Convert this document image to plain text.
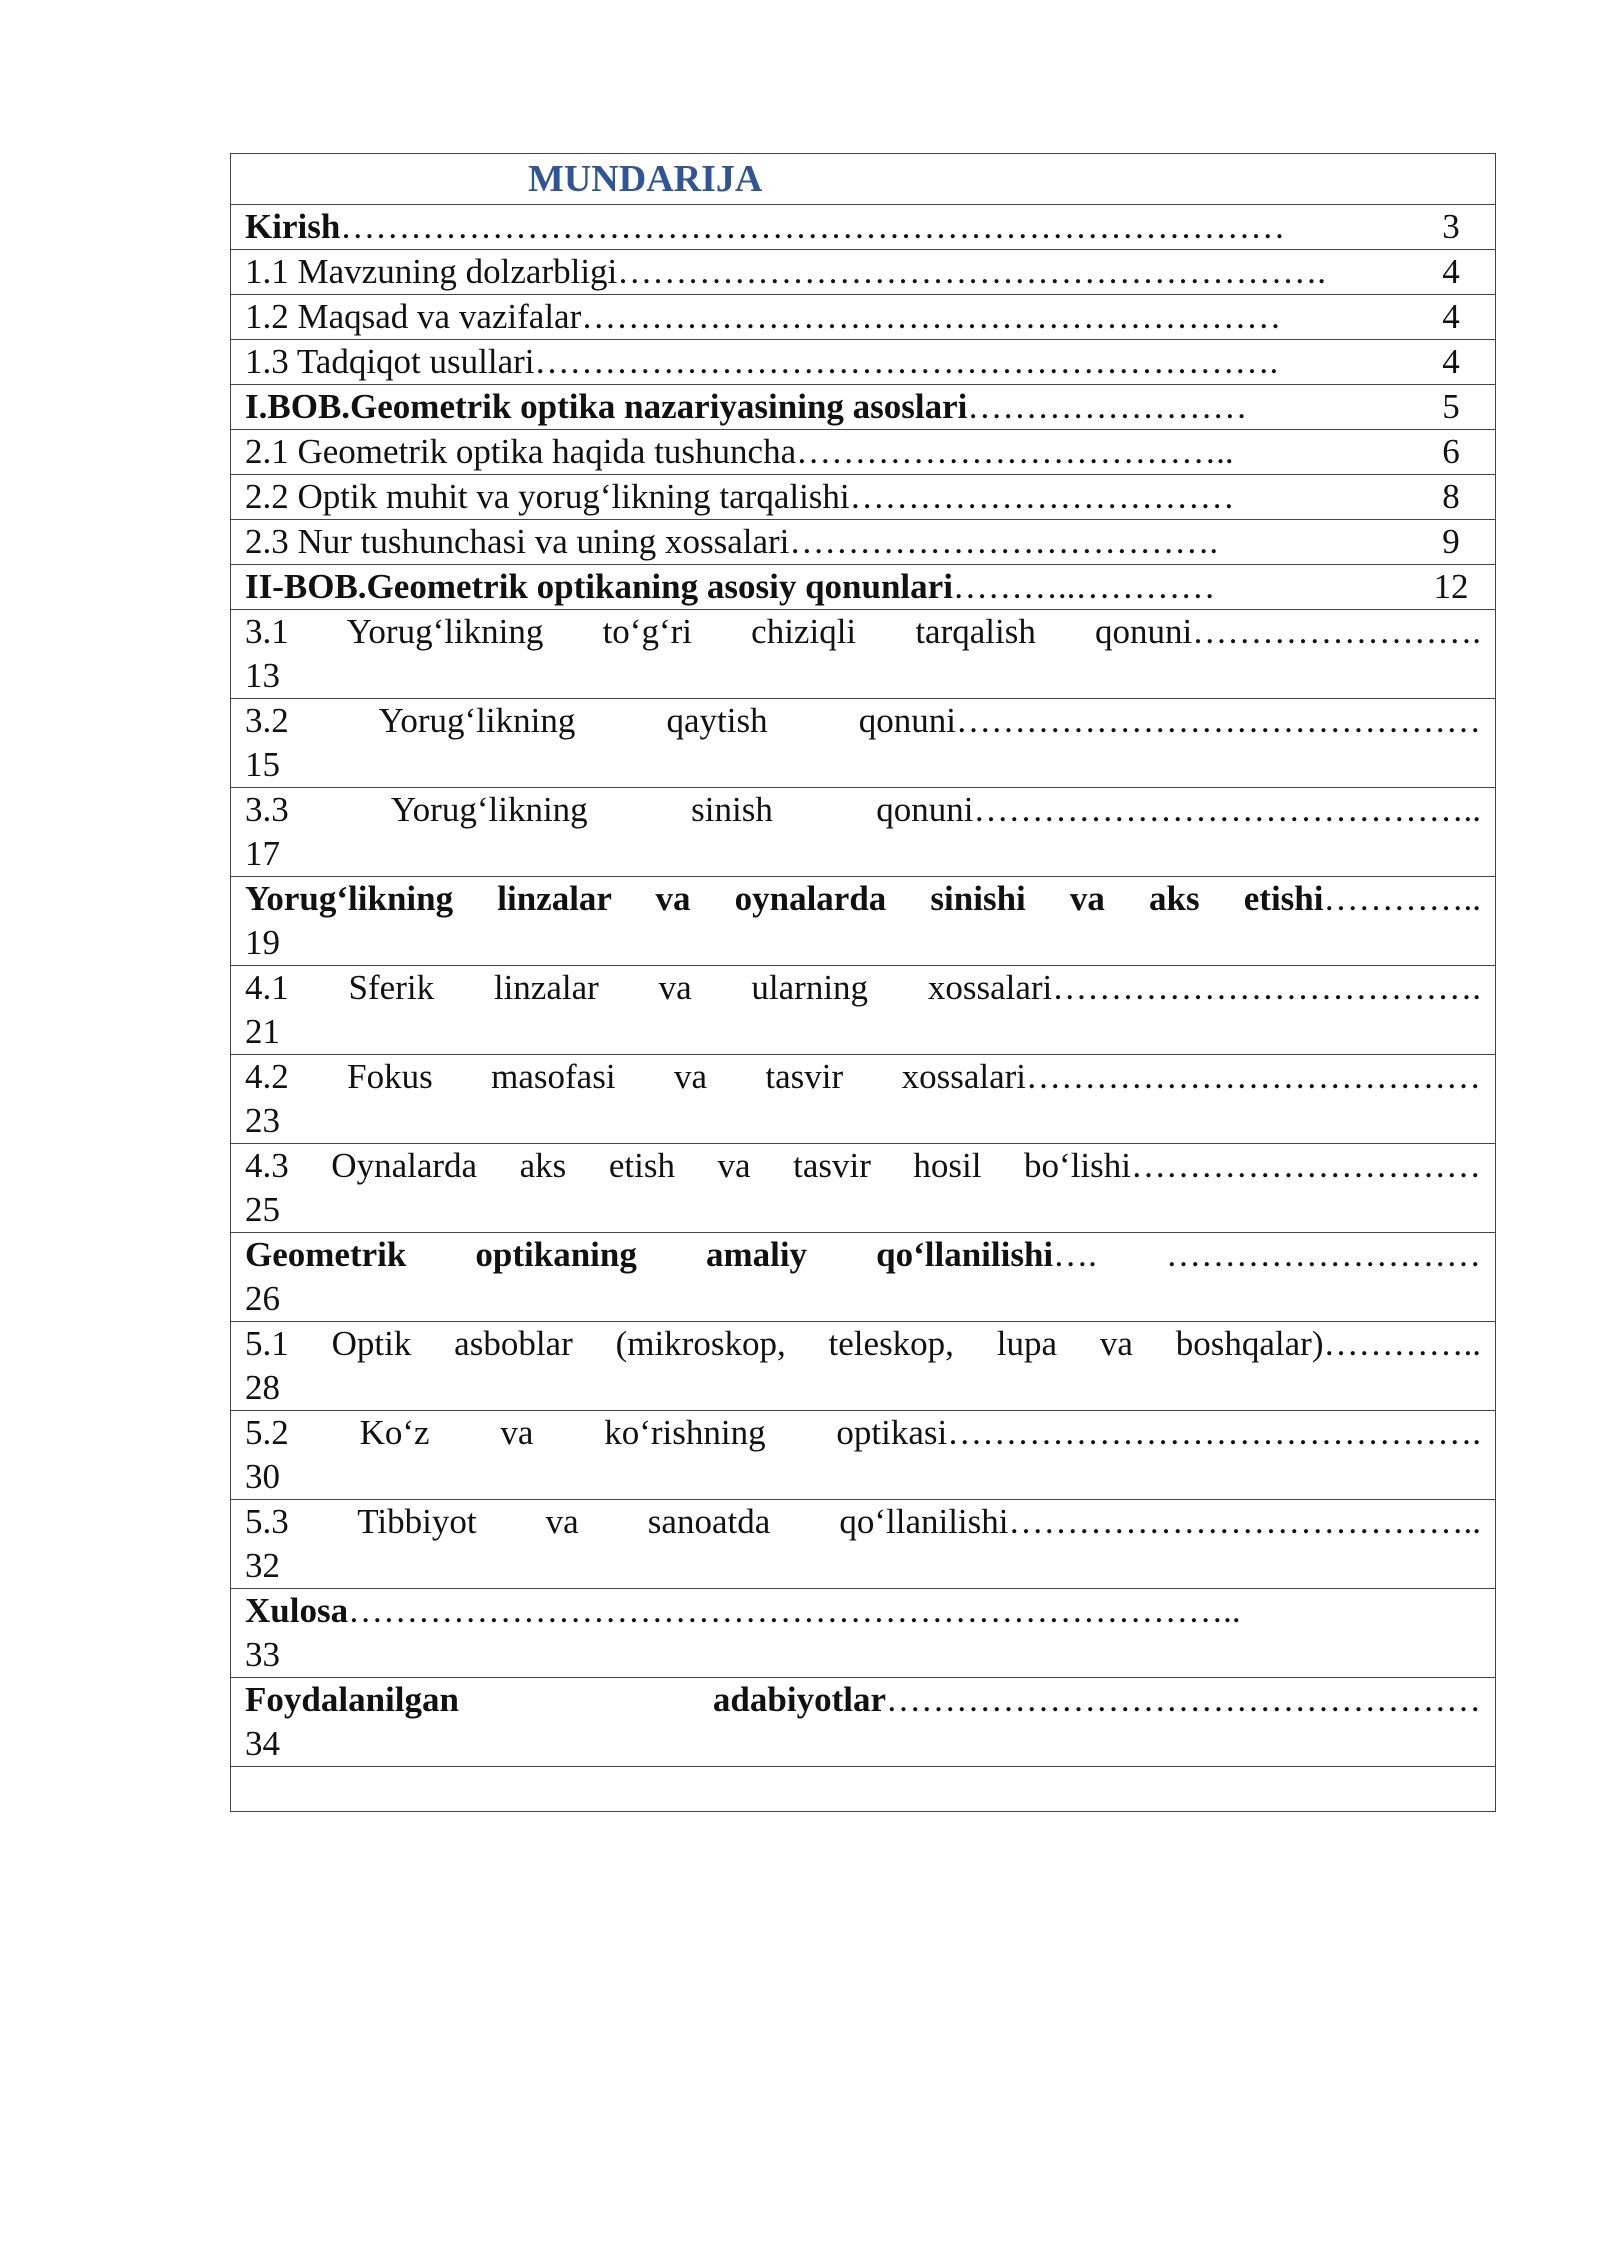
MUNDARIJA

Kirish………………………………………………………………………	3

1.1 Mavzuning dolzarbligi…………………………………………………….	4

1.2 Maqsad va vazifalar……………………………………………………	4

1.3 Tadqiqot usullari……………………………………………………….	4

I.BOB.Geometrik optika nazariyasining asoslari……………………	5

2.1 Geometrik optika haqida tushuncha………………………………..	6

2.2 Optik muhit va yorug‘likning tarqalishi……………………………	8

2.3 Nur tushunchasi va uning xossalari……………………………….	9

II-BOB.Geometrik optikaning asosiy qonunlari………..…………	12

3.1 Yorug‘likning to‘g‘ri chiziqli tarqalish qonuni…………………….
13

3.2 Yorug‘likning qaytish qonuni………………………………………
15

3.3 Yorug‘likning sinish qonuni……………………………………..
17

Yorug‘likning linzalar va oynalarda sinishi va aks etishi…………..
19

4.1 Sferik linzalar va ularning xossalari……………………………….
21

4.2 Fokus masofasi va tasvir xossalari…………………………………
23

4.3 Oynalarda aks etish va tasvir hosil bo‘lishi…………………………
25

Geometrik optikaning amaliy qo‘llanilishi…. ………………………
26

5.1 Optik asboblar (mikroskop, teleskop, lupa va boshqalar)…………..
28

5.2 Ko‘z va ko‘rishning optikasi……………………………………….
30

5.3 Tibbiyot va sanoatda qo‘llanilishi…………………………………..
32

Xulosa…………………………………………………………………..
33

Foydalanilgan adabiyotlar……………………………………………
34
